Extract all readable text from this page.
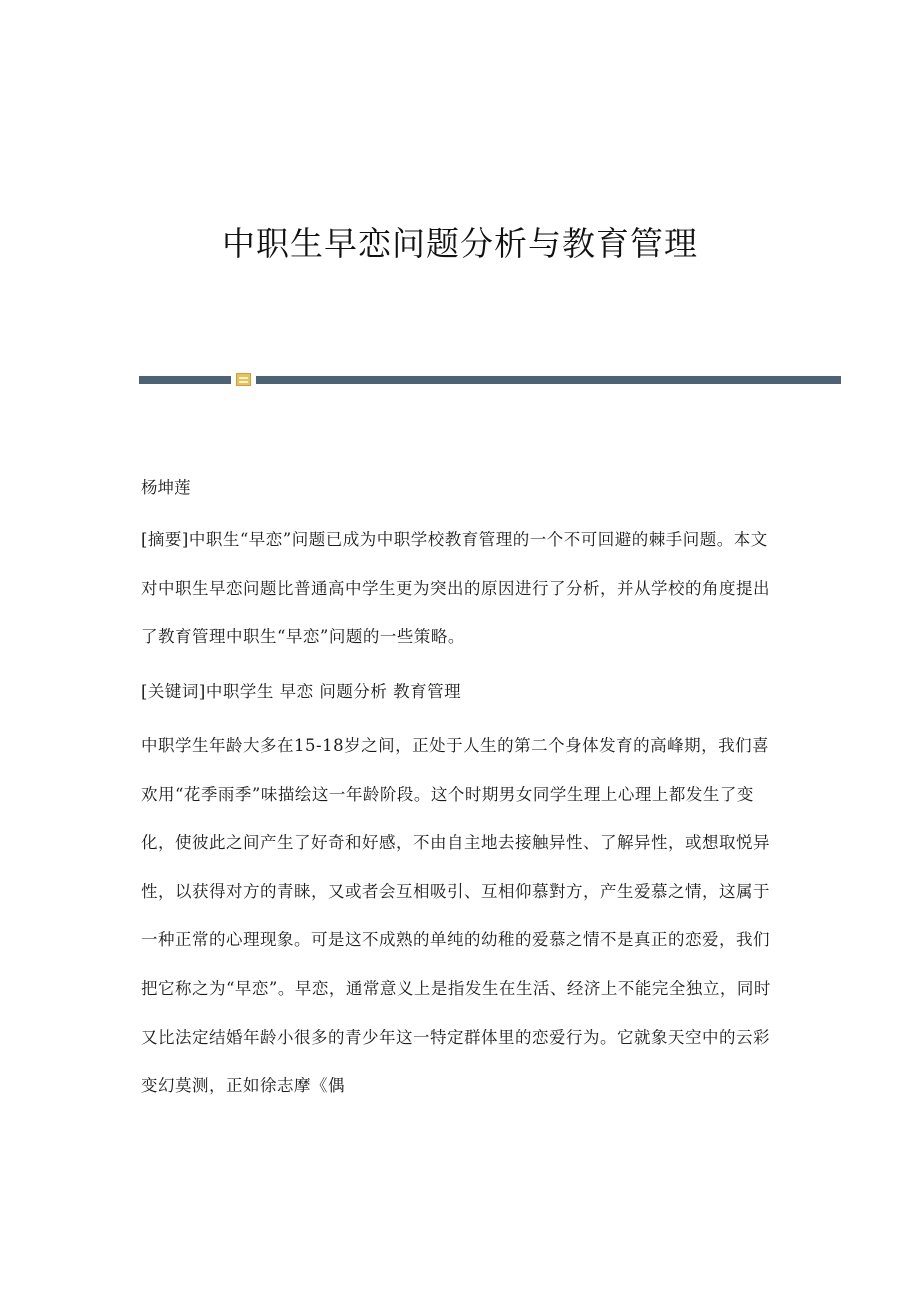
中职生早恋问题分析与教育管理
杨坤莲

[摘要]中职生“早恋”问题已成为中职学校教育管理的一个不可回避的棘手问题。本文对中职生早恋问题比普通高中学生更为突出的原因进行了分析，并从学校的角度提出了教育管理中职生“早恋”问题的一些策略。

[关键词]中职学生 早恋 问题分析 教育管理

中职学生年龄大多在15-18岁之间，正处于人生的第二个身体发育的高峰期，我们喜欢用“花季雨季”味描绘这一年龄阶段。这个时期男女同学生理上心理上都发生了变化，使彼此之间产生了好奇和好感，不由自主地去接触异性、了解异性，或想取悦异性，以获得对方的青睐，又或者会互相吸引、互相仰慕對方，产生爱慕之情，这属于一种正常的心理现象。可是这不成熟的单纯的幼稚的爱慕之情不是真正的恋爱，我们把它称之为“早恋”。早恋，通常意义上是指发生在生活、经济上不能完全独立，同时又比法定结婚年龄小很多的青少年这一特定群体里的恋爱行为。它就象天空中的云彩变幻莫测，正如徐志摩《偶
